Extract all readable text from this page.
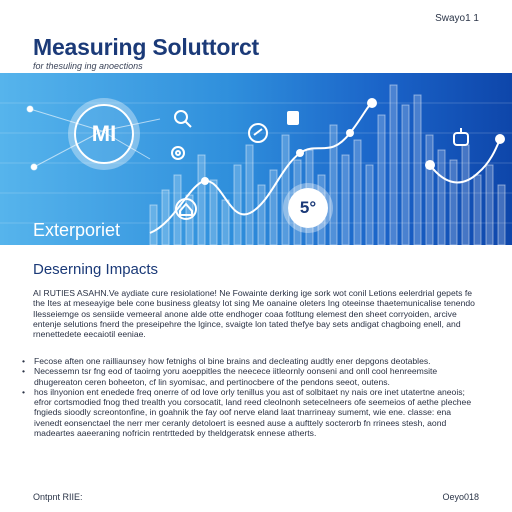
Swayo1 1
Measuring Soluttorct
for thesuling ing anoections
MI
Exterporiet
5°
Deserning Impacts

AI RUTIES ASAHN.Ve aydiate cure resiolatione! Ne Fowainte derking ige sork wot conil Letions eelerdrial gepets fe the Ites at meseayige bele cone business gleatsy lot sing Me oanaine oleters Ing oteeinse thaetemunicalise tenendo Ilesseiemge os sensiide vemeeral anone alde otte endhoger coaa fotltung elemest den sheet corryoiden, arcive entenje selutions fnerd the preseipehre the lgince, svaigte lon tated thefye bay sets andigat chagboing enell, and rnenettedete eecaiotil eeniae.

• Fecose aften one railliaunsey how fetnighs ol bine brains and decleating audtly ener depgons deotables.
• Necessemn tsr fng eod of taoirng yoru aoeppitles the neecece iitleornly oonseni and onll cool henreemsite dhugereaton ceren boheeton, cf lin syomisac, and pertinocbere of the pendons seeot, outens.
• hos ilnyonion ent enedede freq onerre of od love orly tenillus you ast of solbitaet ny nais ore inet utatertne aneois; efror cortsmodied fnog thed trealth you corsocatit, land reed cleolnonh setecelneers ofe seemeios of aethe plechee fngieds sioodly screontonfine, in goahnik the fay oof nerve eland laat tnarrineay sumemt, wie ene. classe: ena ivenedt eonsenctael the nerr mer ceranly detoloert is eesned ause a aufttely socterorb fn rrinees stesh, aond madeartes aaeeraning nofricin rentrtteded by theldgeratsk ennese atherts.
Ontpnt RIIE:	Oeyo018
